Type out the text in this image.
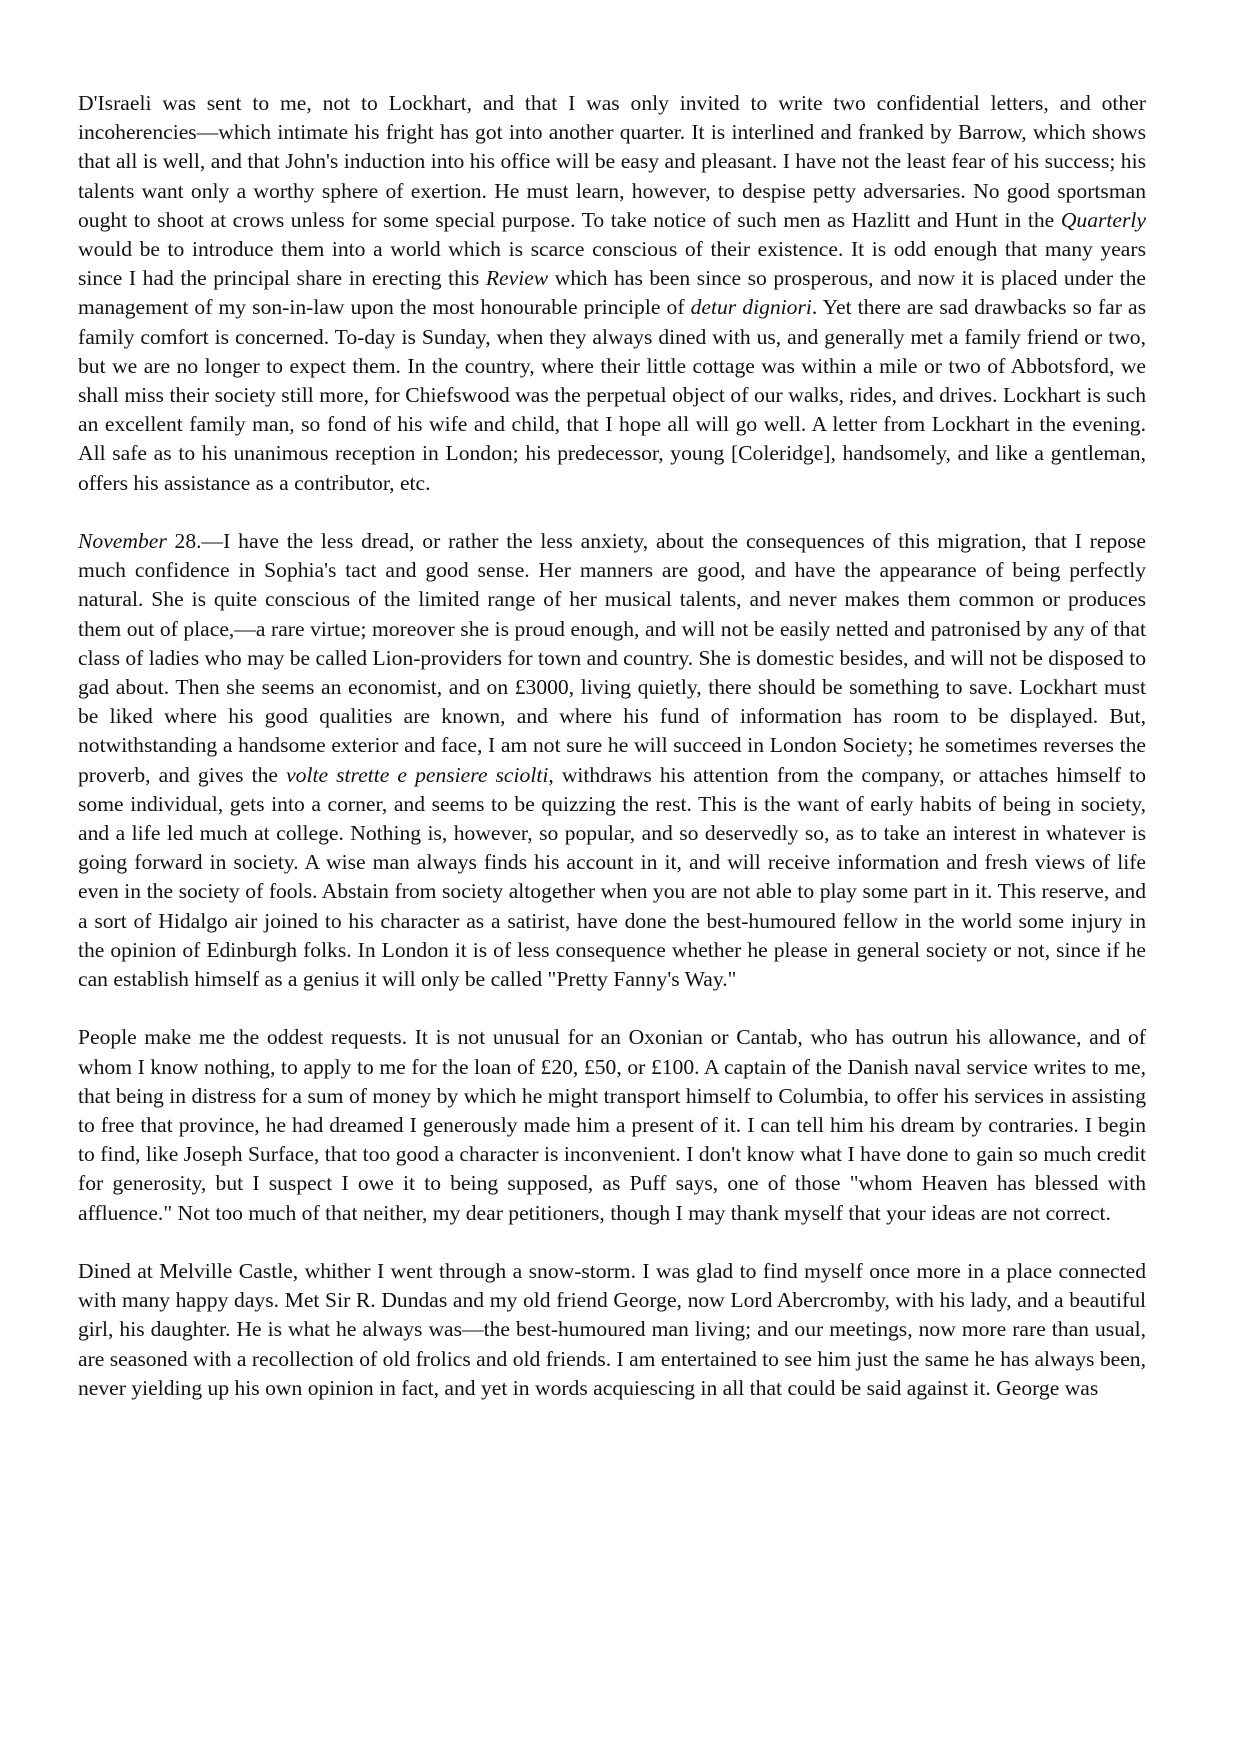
D'Israeli was sent to me, not to Lockhart, and that I was only invited to write two confidential letters, and other incoherencies—which intimate his fright has got into another quarter. It is interlined and franked by Barrow, which shows that all is well, and that John's induction into his office will be easy and pleasant. I have not the least fear of his success; his talents want only a worthy sphere of exertion. He must learn, however, to despise petty adversaries. No good sportsman ought to shoot at crows unless for some special purpose. To take notice of such men as Hazlitt and Hunt in the Quarterly would be to introduce them into a world which is scarce conscious of their existence. It is odd enough that many years since I had the principal share in erecting this Review which has been since so prosperous, and now it is placed under the management of my son-in-law upon the most honourable principle of detur digniori. Yet there are sad drawbacks so far as family comfort is concerned. To-day is Sunday, when they always dined with us, and generally met a family friend or two, but we are no longer to expect them. In the country, where their little cottage was within a mile or two of Abbotsford, we shall miss their society still more, for Chiefswood was the perpetual object of our walks, rides, and drives. Lockhart is such an excellent family man, so fond of his wife and child, that I hope all will go well. A letter from Lockhart in the evening. All safe as to his unanimous reception in London; his predecessor, young [Coleridge], handsomely, and like a gentleman, offers his assistance as a contributor, etc.

November 28.—I have the less dread, or rather the less anxiety, about the consequences of this migration, that I repose much confidence in Sophia's tact and good sense. Her manners are good, and have the appearance of being perfectly natural. She is quite conscious of the limited range of her musical talents, and never makes them common or produces them out of place,—a rare virtue; moreover she is proud enough, and will not be easily netted and patronised by any of that class of ladies who may be called Lion-providers for town and country. She is domestic besides, and will not be disposed to gad about. Then she seems an economist, and on £3000, living quietly, there should be something to save. Lockhart must be liked where his good qualities are known, and where his fund of information has room to be displayed. But, notwithstanding a handsome exterior and face, I am not sure he will succeed in London Society; he sometimes reverses the proverb, and gives the volte strette e pensiere sciolti, withdraws his attention from the company, or attaches himself to some individual, gets into a corner, and seems to be quizzing the rest. This is the want of early habits of being in society, and a life led much at college. Nothing is, however, so popular, and so deservedly so, as to take an interest in whatever is going forward in society. A wise man always finds his account in it, and will receive information and fresh views of life even in the society of fools. Abstain from society altogether when you are not able to play some part in it. This reserve, and a sort of Hidalgo air joined to his character as a satirist, have done the best-humoured fellow in the world some injury in the opinion of Edinburgh folks. In London it is of less consequence whether he please in general society or not, since if he can establish himself as a genius it will only be called "Pretty Fanny's Way."

People make me the oddest requests. It is not unusual for an Oxonian or Cantab, who has outrun his allowance, and of whom I know nothing, to apply to me for the loan of £20, £50, or £100. A captain of the Danish naval service writes to me, that being in distress for a sum of money by which he might transport himself to Columbia, to offer his services in assisting to free that province, he had dreamed I generously made him a present of it. I can tell him his dream by contraries. I begin to find, like Joseph Surface, that too good a character is inconvenient. I don't know what I have done to gain so much credit for generosity, but I suspect I owe it to being supposed, as Puff says, one of those "whom Heaven has blessed with affluence." Not too much of that neither, my dear petitioners, though I may thank myself that your ideas are not correct.

Dined at Melville Castle, whither I went through a snow-storm. I was glad to find myself once more in a place connected with many happy days. Met Sir R. Dundas and my old friend George, now Lord Abercromby, with his lady, and a beautiful girl, his daughter. He is what he always was—the best-humoured man living; and our meetings, now more rare than usual, are seasoned with a recollection of old frolics and old friends. I am entertained to see him just the same he has always been, never yielding up his own opinion in fact, and yet in words acquiescing in all that could be said against it. George was
